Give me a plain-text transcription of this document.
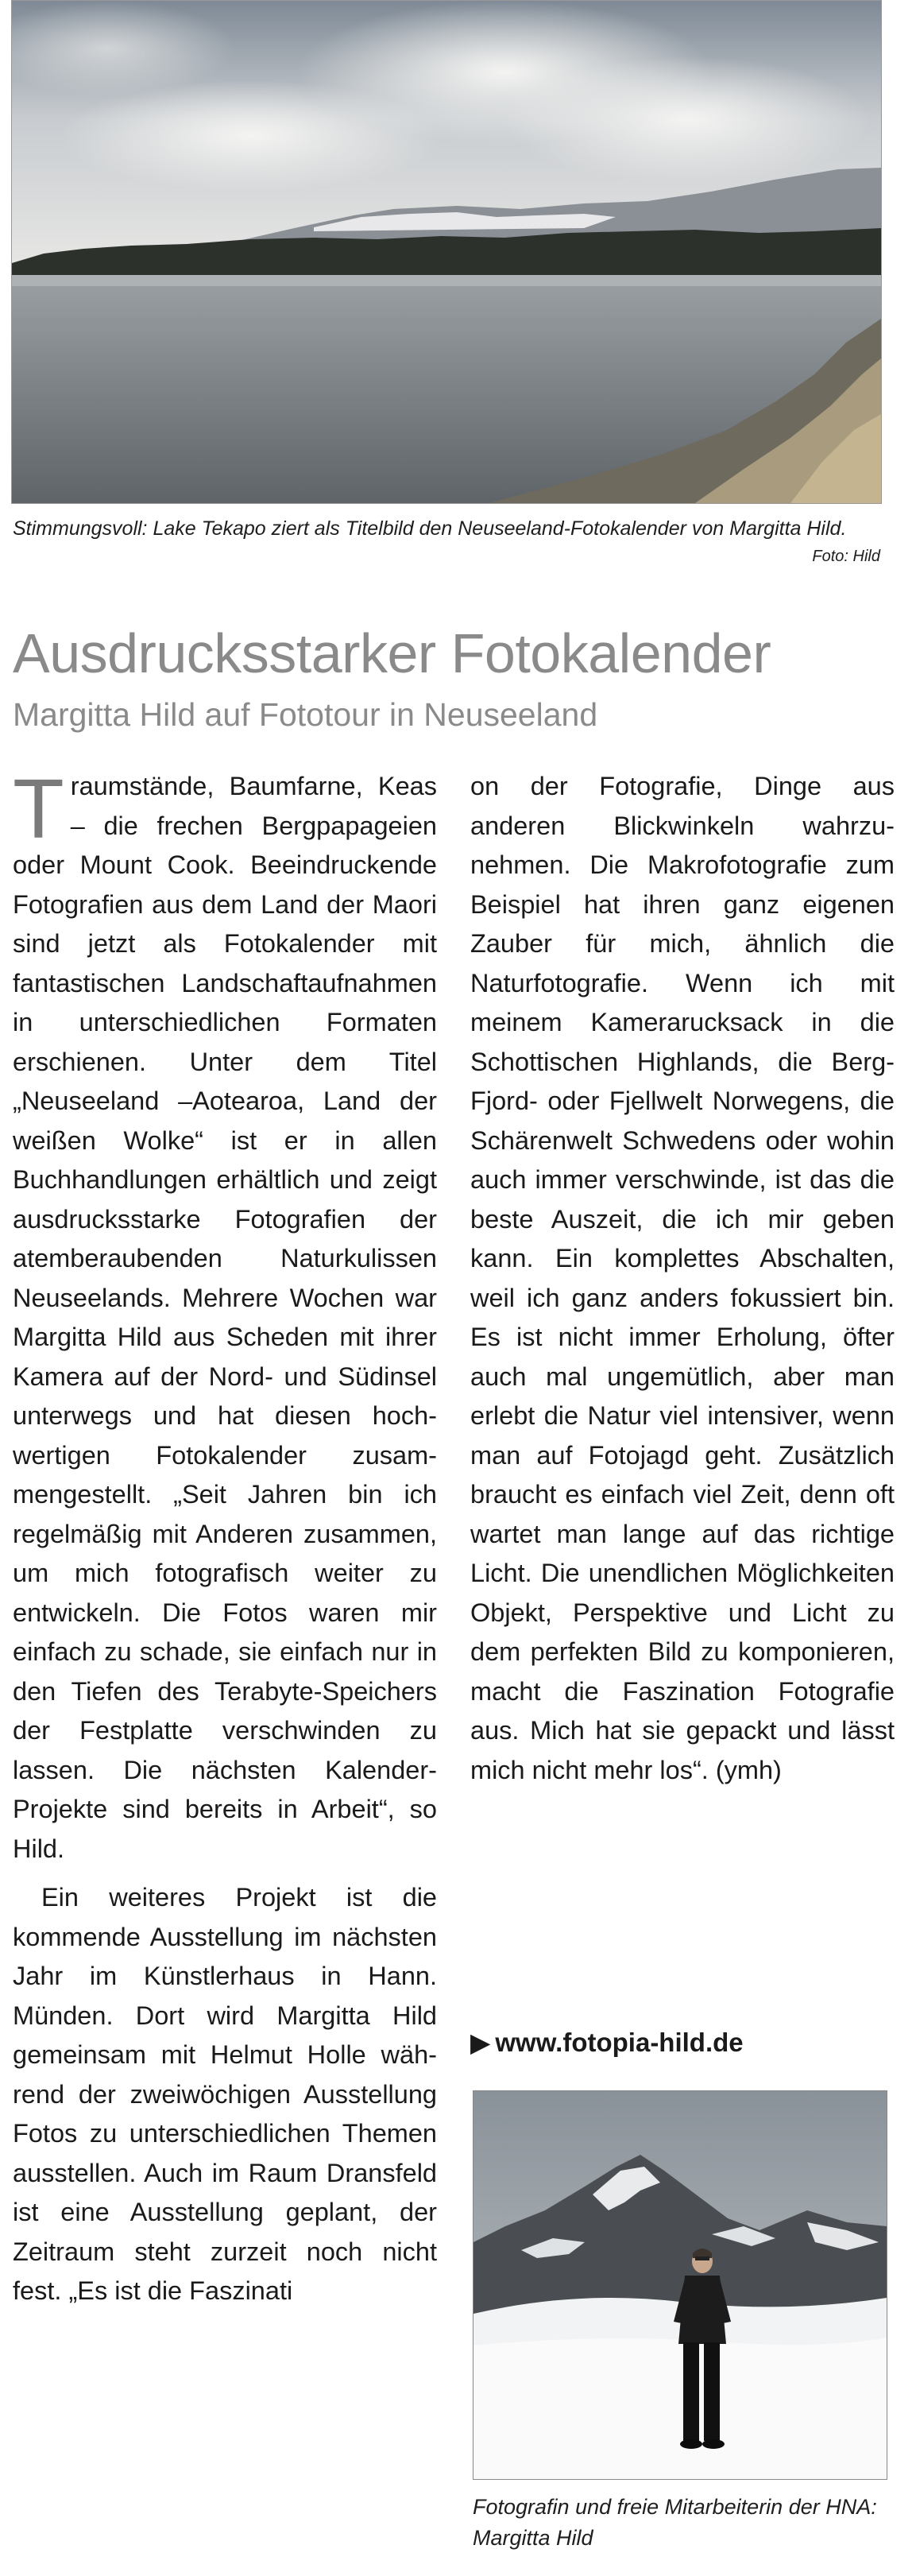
Stimmungsvoll: Lake Tekapo ziert als Titelbild den Neuseeland-Fotokalender von Margitta Hild.
Foto: Hild
Ausdrucksstarker Fotokalender
Margitta Hild auf Fototour in Neuseeland

Traumstände, Baumfarne, Keas – die frechen Bergpapageien oder Mount Cook. Beeindruckende Fotografien aus dem Land der Maori sind jetzt als Fotokalender mit fantastischen Landschaftaufnahmen in unterschiedlichen Formaten erschienen. Unter dem Titel „Neuseeland –Aotearoa, Land der weißen Wolke“ ist er in allen Buchhandlungen erhältlich und zeigt ausdrucksstarke Fotografien der atemberaubenden Naturkulissen Neuseelands. Mehrere Wochen war Margitta Hild aus Scheden mit ihrer Kamera auf der Nord- und Südinsel unterwegs und hat diesen hochwertigen Fotokalender zusammengestellt. „Seit Jahren bin ich regelmäßig mit Anderen zusammen, um mich fotografisch weiter zu entwickeln. Die Fotos waren mir einfach zu schade, sie einfach nur in den Tiefen des Terabyte-Speichers der Festplatte verschwinden zu lassen. Die nächsten Kalender-Projekte sind bereits in Arbeit“, so Hild.

Ein weiteres Projekt ist die kommende Ausstellung im nächsten Jahr im Künstlerhaus in Hann. Münden. Dort wird Margitta Hild gemeinsam mit Helmut Holle während der zweiwöchigen Ausstellung Fotos zu unterschiedlichen Themen ausstellen. Auch im Raum Dransfeld ist eine Ausstellung geplant, der Zeitraum steht zurzeit noch nicht fest. „Es ist die Faszinati

on der Fotografie, Dinge aus anderen Blickwinkeln wahrzunehmen. Die Makrofotografie zum Beispiel hat ihren ganz eigenen Zauber für mich, ähnlich die Naturfotografie. Wenn ich mit meinem Kamerarucksack in die Schottischen Highlands, die Berg-Fjord- oder Fjellwelt Norwegens, die Schärenwelt Schwedens oder wohin auch immer verschwinde, ist das die beste Auszeit, die ich mir geben kann. Ein komplettes Abschalten, weil ich ganz anders fokussiert bin. Es ist nicht immer Erholung, öfter auch mal ungemütlich, aber man erlebt die Natur viel intensiver, wenn man auf Fotojagd geht. Zusätzlich braucht es einfach viel Zeit, denn oft wartet man lange auf das richtige Licht. Die unendlichen Möglichkeiten Objekt, Perspektive und Licht zu dem perfekten Bild zu komponieren, macht die Faszination Fotografie aus. Mich hat sie gepackt und lässt mich nicht mehr los“. (ymh)

▶ www.fotopia-hild.de
Fotografin und freie Mitarbeiterin der HNA: Margitta Hild
